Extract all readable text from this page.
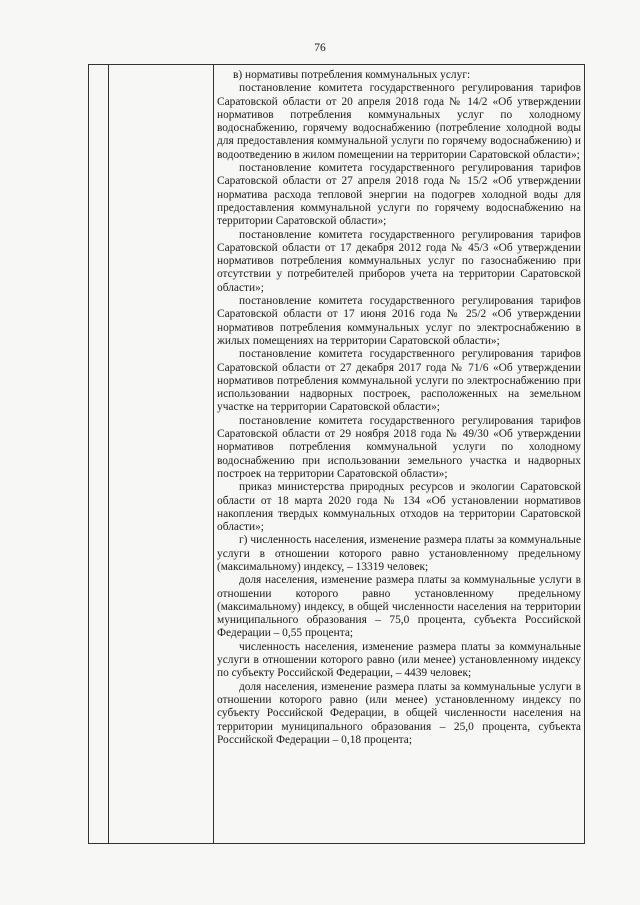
76

в) нормативы потребления коммунальных услуг:

постановление комитета государственного регулирования тарифов Саратовской области от 20 апреля 2018 года № 14/2 «Об утверждении нормативов потребления коммунальных услуг по холодному водоснабжению, горячему водоснабжению (потребление холодной воды для предоставления коммунальной услуги по горячему водоснабжению) и водоотведению в жилом помещении на территории Саратовской области»;

постановление комитета государственного регулирования тарифов Саратовской области от 27 апреля 2018 года № 15/2 «Об утверждении норматива расхода тепловой энергии на подогрев холодной воды для предоставления коммунальной услуги по горячему водоснабжению на территории Саратовской области»;

постановление комитета государственного регулирования тарифов Саратовской области от 17 декабря 2012 года № 45/3 «Об утверждении нормативов потребления коммунальных услуг по газоснабжению при отсутствии у потребителей приборов учета на территории Саратовской области»;

постановление комитета государственного регулирования тарифов Саратовской области от 17 июня 2016 года № 25/2 «Об утверждении нормативов потребления коммунальных услуг по электроснабжению в жилых помещениях на территории Саратовской области»;

постановление комитета государственного регулирования тарифов Саратовской области от 27 декабря 2017 года № 71/6 «Об утверждении нормативов потребления коммунальной услуги по электроснабжению при использовании надворных построек, расположенных на земельном участке на территории Саратовской области»;

постановление комитета государственного регулирования тарифов Саратовской области от 29 ноября 2018 года № 49/30 «Об утверждении нормативов потребления коммунальной услуги по холодному водоснабжению при использовании земельного участка и надворных построек на территории Саратовской области»;

приказ министерства природных ресурсов и экологии Саратовской области от 18 марта 2020 года № 134 «Об установлении нормативов накопления твердых коммунальных отходов на территории Саратовской области»;

г) численность населения, изменение размера платы за коммунальные услуги в отношении которого равно установленному предельному (максимальному) индексу, – 13319 человек;

доля населения, изменение размера платы за коммунальные услуги в отношении которого равно установленному предельному (максимальному) индексу, в общей численности населения на территории муниципального образования – 75,0 процента, субъекта Российской Федерации – 0,55 процента;

численность населения, изменение размера платы за коммунальные услуги в отношении которого равно (или менее) установленному индексу по субъекту Российской Федерации, – 4439 человек;

доля населения, изменение размера платы за коммунальные услуги в отношении которого равно (или менее) установленному индексу по субъекту Российской Федерации, в общей численности населения на территории муниципального образования – 25,0 процента, субъекта Российской Федерации – 0,18 процента;
